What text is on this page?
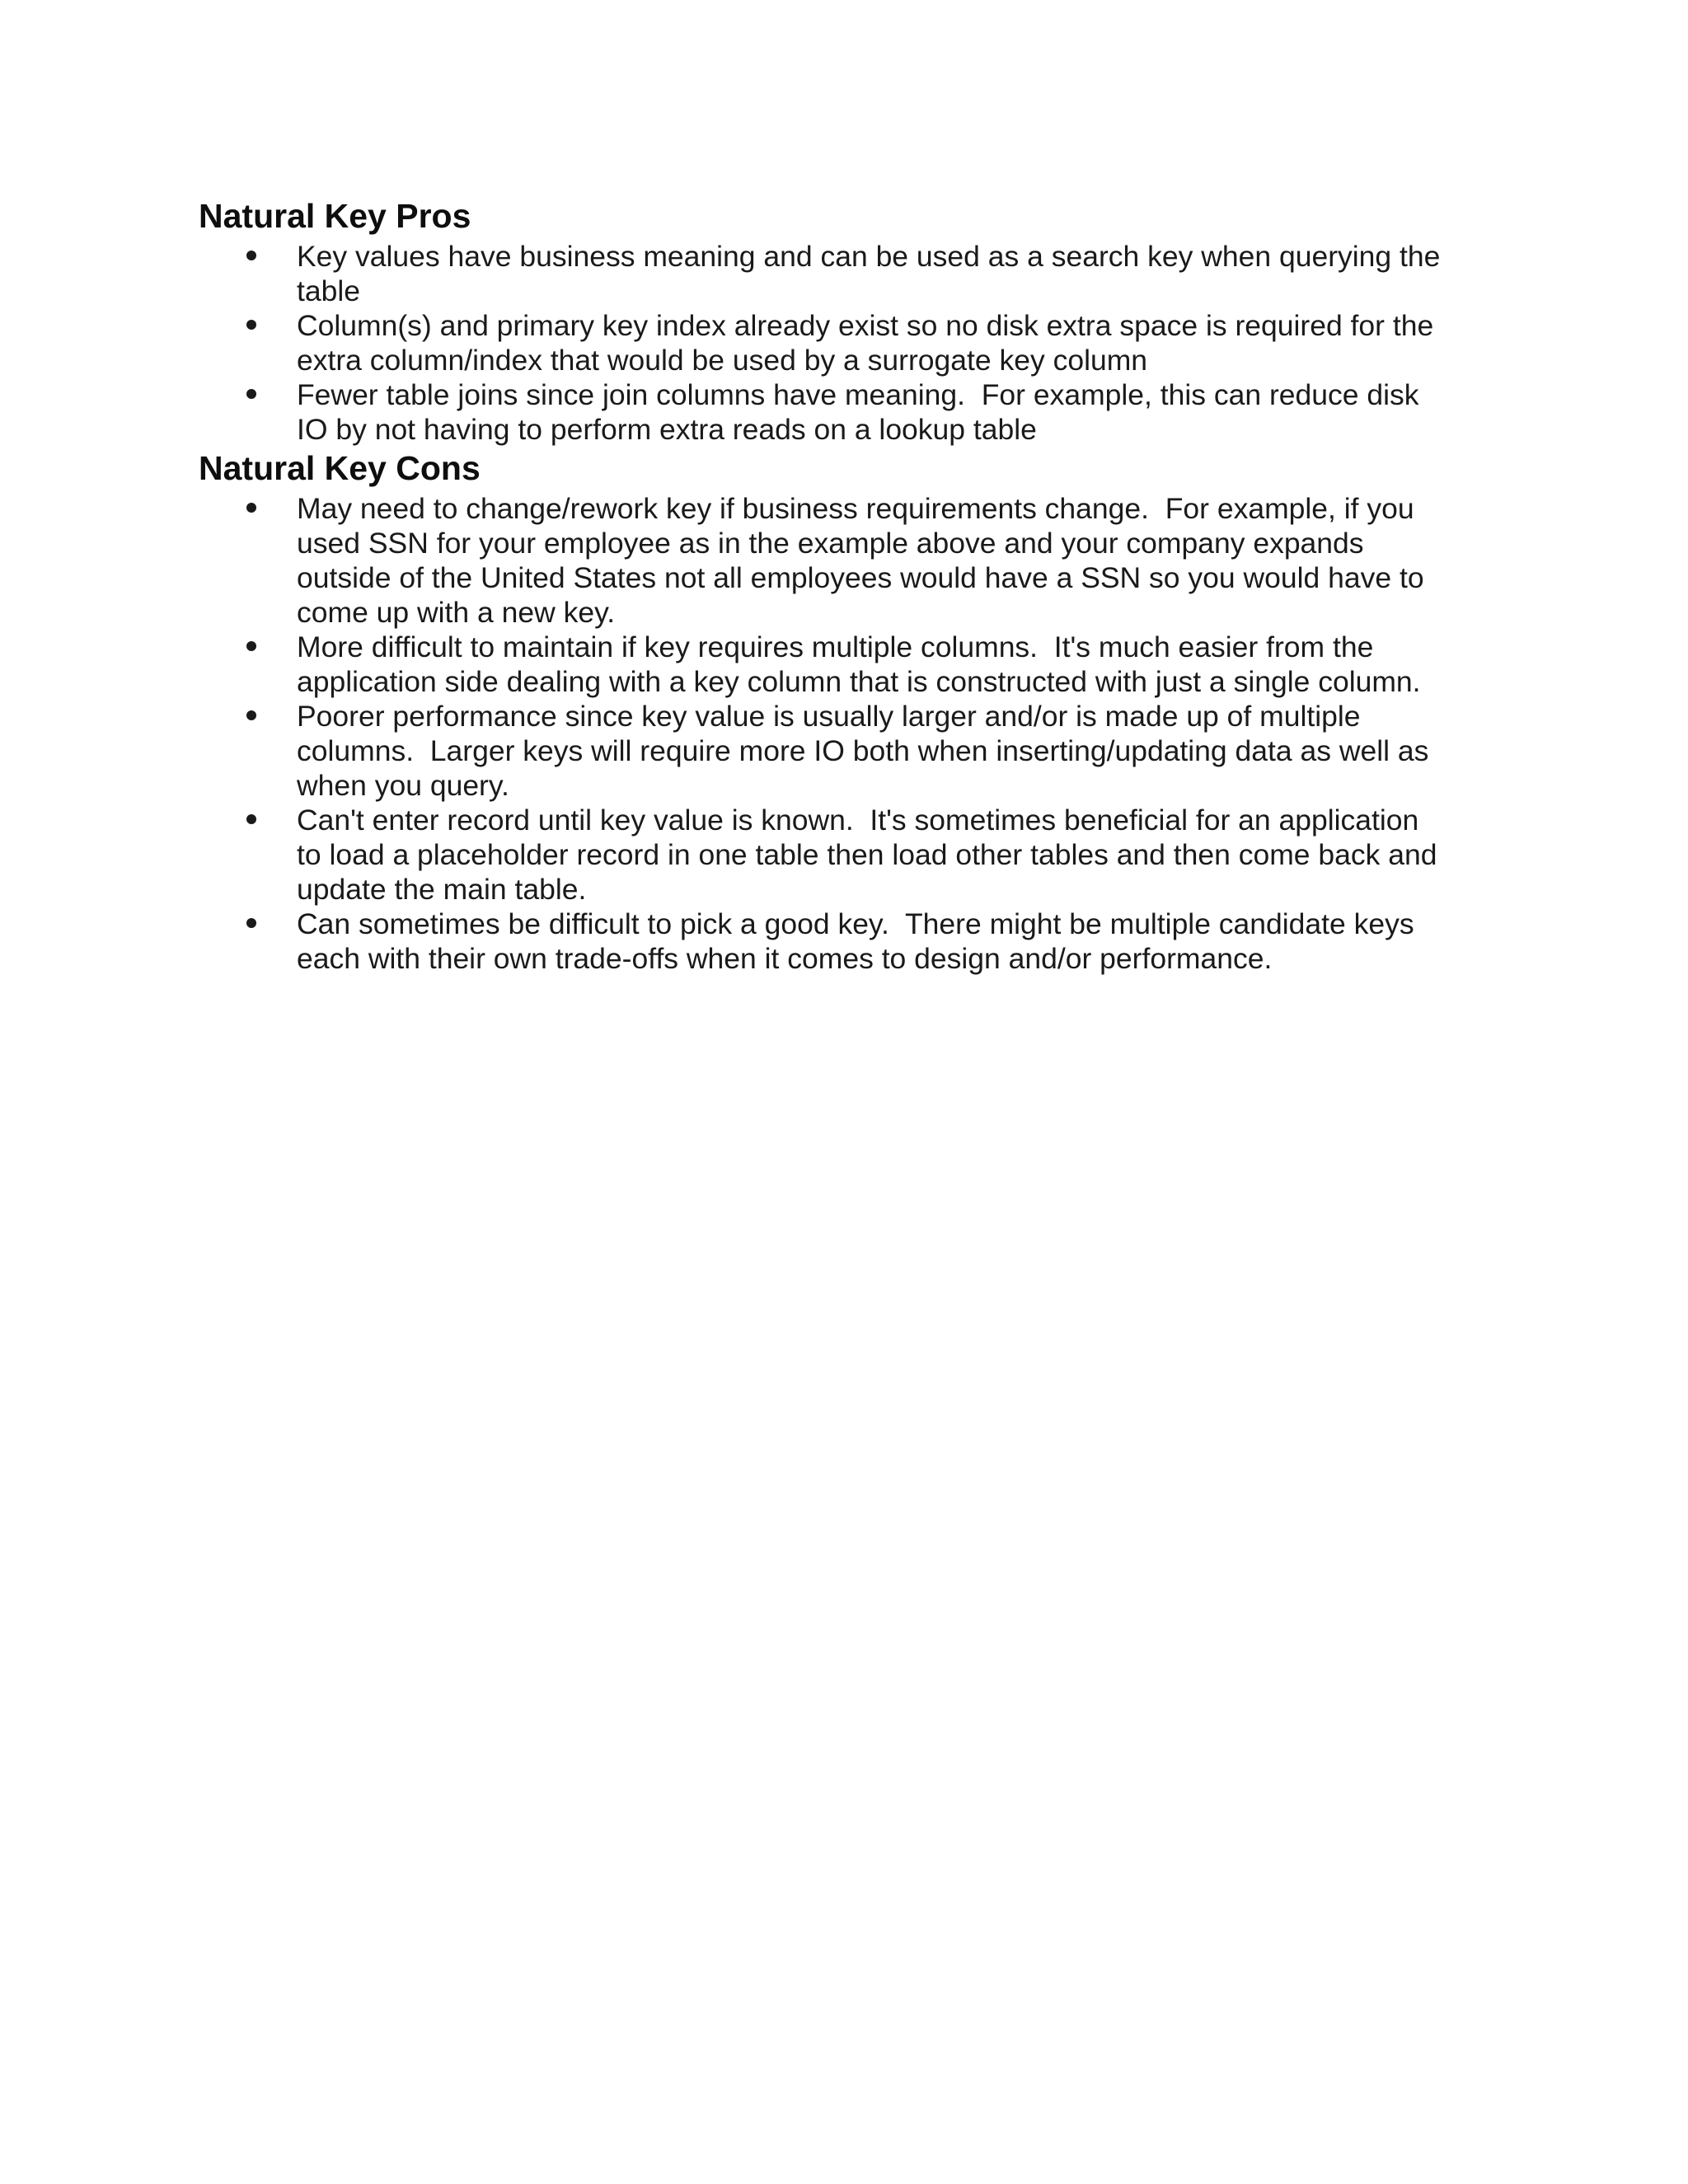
Natural Key Pros
Key values have business meaning and can be used as a search key when querying the
table
Column(s) and primary key index already exist so no disk extra space is required for the
extra column/index that would be used by a surrogate key column
Fewer table joins since join columns have meaning.  For example, this can reduce disk
IO by not having to perform extra reads on a lookup table
Natural Key Cons
May need to change/rework key if business requirements change.  For example, if you
used SSN for your employee as in the example above and your company expands
outside of the United States not all employees would have a SSN so you would have to
come up with a new key.
More difficult to maintain if key requires multiple columns.  It's much easier from the
application side dealing with a key column that is constructed with just a single column.
Poorer performance since key value is usually larger and/or is made up of multiple
columns.  Larger keys will require more IO both when inserting/updating data as well as
when you query.
Can't enter record until key value is known.  It's sometimes beneficial for an application
to load a placeholder record in one table then load other tables and then come back and
update the main table.
Can sometimes be difficult to pick a good key.  There might be multiple candidate keys
each with their own trade-offs when it comes to design and/or performance.
